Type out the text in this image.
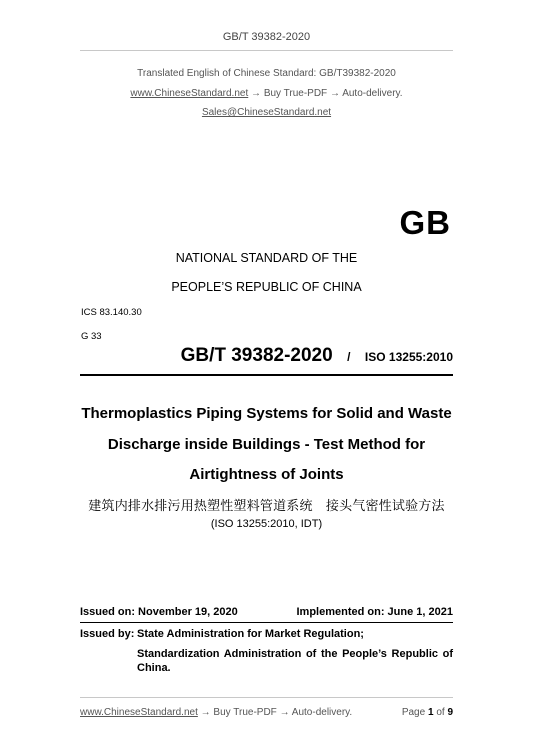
GB/T 39382-2020
Translated English of Chinese Standard: GB/T39382-2020
www.ChineseStandard.net → Buy True-PDF → Auto-delivery.
Sales@ChineseStandard.net
GB
NATIONAL STANDARD OF THE
PEOPLE’S REPUBLIC OF CHINA
ICS 83.140.30
G 33
GB/T 39382-2020 / ISO 13255:2010
Thermoplastics Piping Systems for Solid and Waste
Discharge inside Buildings - Test Method for
Airtightness of Joints
建筑内排水排污用热塑性塑料管道系统　接头气密性试验方法
(ISO 13255:2010, IDT)
Issued on: November 19, 2020	Implemented on: June 1, 2021
Issued by: State Administration for Market Regulation;
Standardization Administration of the People’s Republic of China.
www.ChineseStandard.net → Buy True-PDF → Auto-delivery.	Page 1 of 9
